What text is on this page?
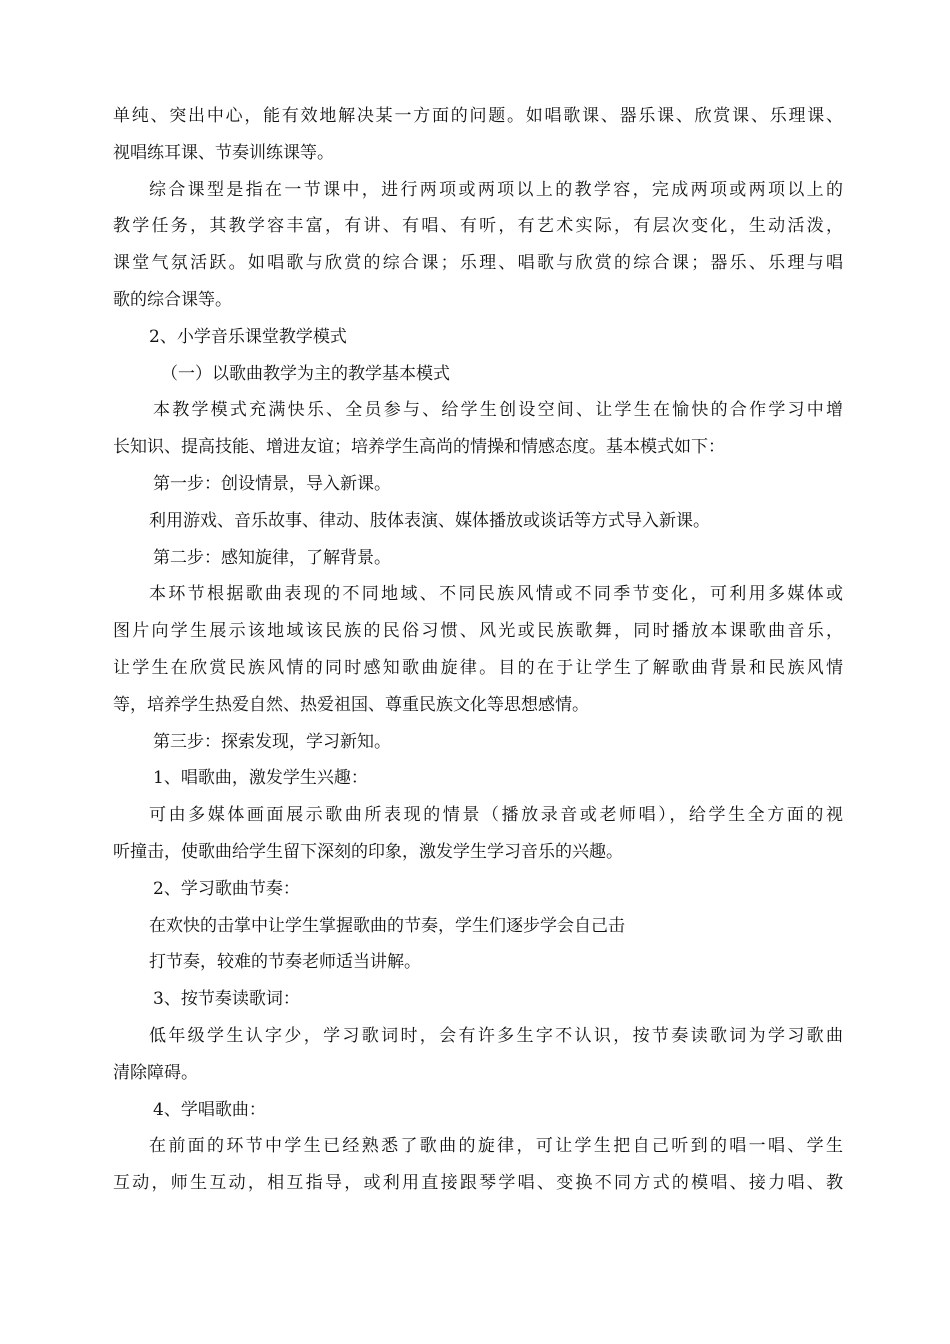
单纯、突出中心，能有效地解决某一方面的问题。如唱歌课、器乐课、欣赏课、乐理课、
视唱练耳课、节奏训练课等。
综合课型是指在一节课中，进行两项或两项以上的教学容，完成两项或两项以上的
教学任务，其教学容丰富，有讲、有唱、有听，有艺术实际，有层次变化，生动活泼，
课堂气氛活跃。如唱歌与欣赏的综合课；乐理、唱歌与欣赏的综合课；器乐、乐理与唱
歌的综合课等。
2、小学音乐课堂教学模式
（一）以歌曲教学为主的教学基本模式
本教学模式充满快乐、全员参与、给学生创设空间、让学生在愉快的合作学习中增
长知识、提高技能、增进友谊；培养学生高尚的情操和情感态度。基本模式如下：
第一步：创设情景，导入新课。
利用游戏、音乐故事、律动、肢体表演、媒体播放或谈话等方式导入新课。
第二步：感知旋律，了解背景。
本环节根据歌曲表现的不同地域、不同民族风情或不同季节变化，可利用多媒体或
图片向学生展示该地域该民族的民俗习惯、风光或民族歌舞，同时播放本课歌曲音乐，
让学生在欣赏民族风情的同时感知歌曲旋律。目的在于让学生了解歌曲背景和民族风情
等，培养学生热爱自然、热爱祖国、尊重民族文化等思想感情。
第三步：探索发现，学习新知。
1、唱歌曲，激发学生兴趣：
可由多媒体画面展示歌曲所表现的情景（播放录音或老师唱），给学生全方面的视
听撞击，使歌曲给学生留下深刻的印象，激发学生学习音乐的兴趣。
2、学习歌曲节奏：
在欢快的击掌中让学生掌握歌曲的节奏，学生们逐步学会自己击
打节奏，较难的节奏老师适当讲解。
3、按节奏读歌词：
低年级学生认字少，学习歌词时，会有许多生字不认识，按节奏读歌词为学习歌曲
清除障碍。
4、学唱歌曲：
在前面的环节中学生已经熟悉了歌曲的旋律，可让学生把自己听到的唱一唱、学生
互动，师生互动，相互指导，或利用直接跟琴学唱、变换不同方式的模唱、接力唱、教
